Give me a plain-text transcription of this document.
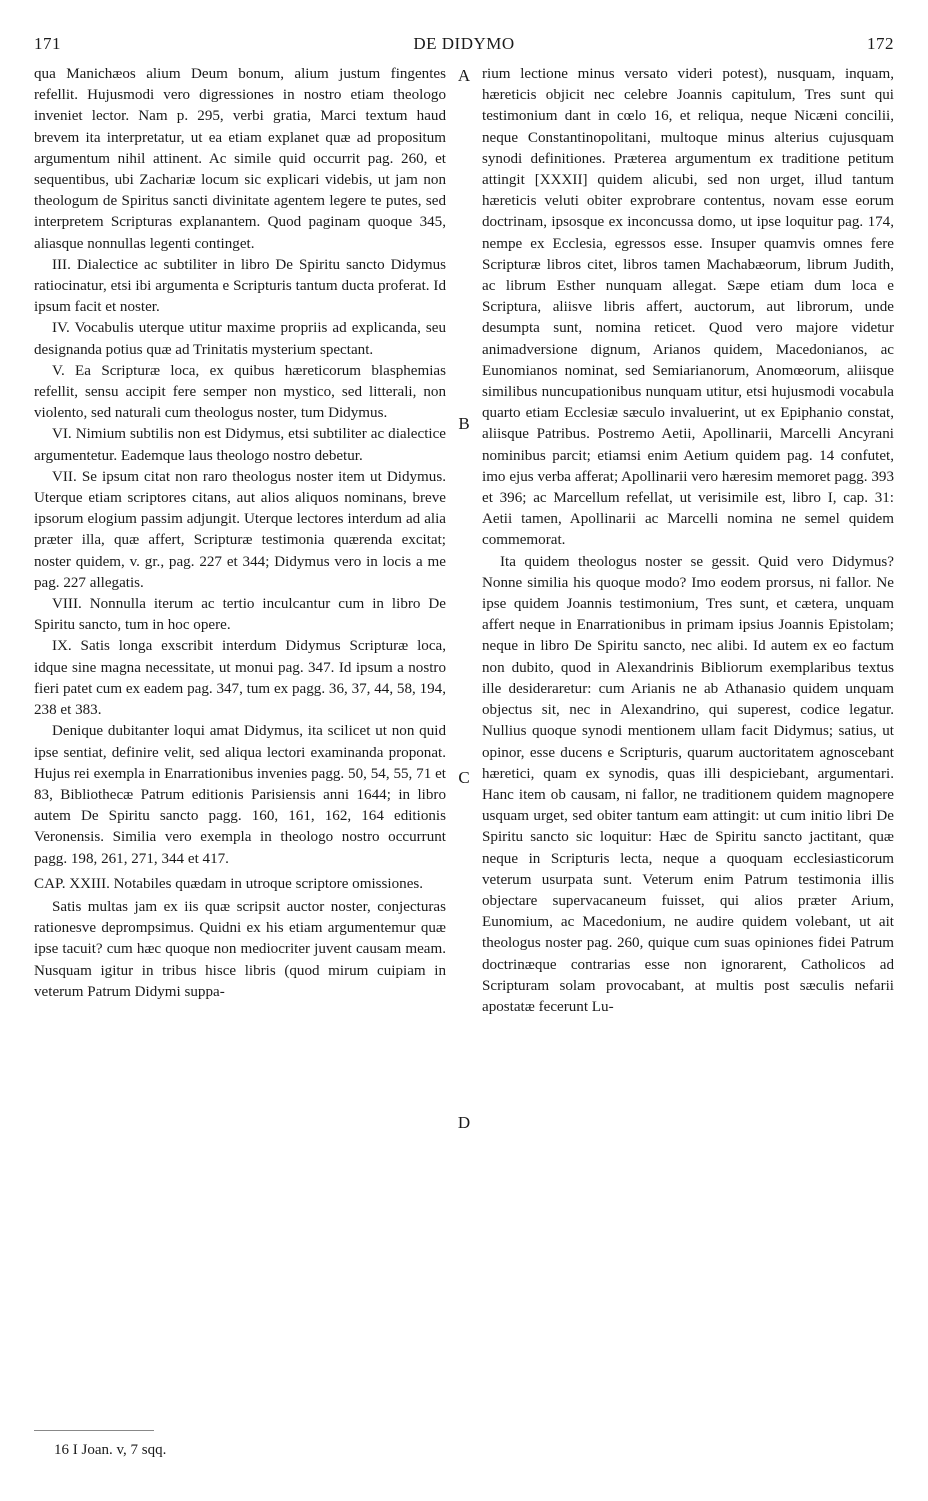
171	DE DIDYMO	172

qua Manichæos alium Deum bonum, alium justum fingentes refellit. Hujusmodi vero digressiones in nostro etiam theologo inveniet lector. Nam p. 295, verbi gratia, Marci textum haud brevem ita interpretatur, ut ea etiam explanet quæ ad propositum argumentum nihil attinent. Ac simile quid occurrit pag. 260, et sequentibus, ubi Zachariæ locum sic explicari videbis, ut jam non theologum de Spiritus sancti divinitate agentem legere te putes, sed interpretem Scripturas explanantem. Quod paginam quoque 345, aliasque nonnullas legenti continget.

III. Dialectice ac subtiliter in libro De Spiritu sancto Didymus ratiocinatur, etsi ibi argumenta e Scripturis tantum ducta proferat. Id ipsum facit et noster.

IV. Vocabulis uterque utitur maxime propriis ad explicanda, seu designanda potius quæ ad Trinitatis mysterium spectant.

V. Ea Scripturæ loca, ex quibus hæreticorum blasphemias refellit, sensu accipit fere semper non mystico, sed litterali, non violento, sed naturali cum theologus noster, tum Didymus.

VI. Nimium subtilis non est Didymus, etsi subtiliter ac dialectice argumentetur. Eademque laus theologo nostro debetur.

VII. Se ipsum citat non raro theologus noster item ut Didymus. Uterque etiam scriptores citans, aut alios aliquos nominans, breve ipsorum elogium passim adjungit. Uterque lectores interdum ad alia præter illa, quæ affert, Scripturæ testimonia quærenda excitat; noster quidem, v. gr., pag. 227 et 344; Didymus vero in locis a me pag. 227 allegatis.

VIII. Nonnulla iterum ac tertio inculcantur cum in libro De Spiritu sancto, tum in hoc opere.

IX. Satis longa exscribit interdum Didymus Scripturæ loca, idque sine magna necessitate, ut monui pag. 347. Id ipsum a nostro fieri patet cum ex eadem pag. 347, tum ex pagg. 36, 37, 44, 58, 194, 238 et 383.

Denique dubitanter loqui amat Didymus, ita scilicet ut non quid ipse sentiat, definire velit, sed aliqua lectori examinanda proponat. Hujus rei exempla in Enarrationibus invenies pagg. 50, 54, 55, 71 et 83, Bibliothecæ Patrum editionis Parisiensis anni 1644; in libro autem De Spiritu sancto pagg. 160, 161, 162, 164 editionis Veronensis. Similia vero exempla in theologo nostro occurrunt pagg. 198, 261, 271, 344 et 417.

CAP. XXIII. Notabiles quædam in utroque scriptore omissiones.

Satis multas jam ex iis quæ scripsit auctor noster, conjecturas rationesve deprompsimus. Quidni ex his etiam argumentemur quæ ipse tacuit? cum hæc quoque non mediocriter juvent causam meam. Nusquam igitur in tribus hisce libris (quod mirum cuipiam in veterum Patrum Didymi suppa-

rium lectione minus versato videri potest), nusquam, inquam, hæreticis objicit nec celebre Joannis capitulum, Tres sunt qui testimonium dant in cœlo 16, et reliqua, neque Nicæni concilii, neque Constantinopolitani, multoque minus alterius cujusquam synodi definitiones. Præterea argumentum ex traditione petitum attingit [XXXII] quidem alicubi, sed non urget, illud tantum hæreticis veluti obiter exprobrare contentus, novam esse eorum doctrinam, ipsosque ex inconcussa domo, ut ipse loquitur pag. 174, nempe ex Ecclesia, egressos esse. Insuper quamvis omnes fere Scripturæ libros citet, libros tamen Machabæorum, librum Judith, ac librum Esther nunquam allegat. Sæpe etiam dum loca e Scriptura, aliisve libris affert, auctorum, aut librorum, unde desumpta sunt, nomina reticet. Quod vero majore videtur animadversione dignum, Arianos quidem, Macedonianos, ac Eunomianos nominat, sed Semiarianorum, Anomœorum, aliisque similibus nuncupationibus nunquam utitur, etsi hujusmodi vocabula quarto etiam Ecclesiæ sæculo invaluerint, ut ex Epiphanio constat, aliisque Patribus. Postremo Aetii, Apollinarii, Marcelli Ancyrani nominibus parcit; etiamsi enim Aetium quidem pag. 14 confutet, imo ejus verba afferat; Apollinarii vero hæresim memoret pagg. 393 et 396; ac Marcellum refellat, ut verisimile est, libro I, cap. 31: Aetii tamen, Apollinarii ac Marcelli nomina ne semel quidem commemorat.

Ita quidem theologus noster se gessit. Quid vero Didymus? Nonne similia his quoque modo? Imo eodem prorsus, ni fallor. Ne ipse quidem Joannis testimonium, Tres sunt, et cætera, unquam affert neque in Enarrationibus in primam ipsius Joannis Epistolam; neque in libro De Spiritu sancto, nec alibi. Id autem ex eo factum non dubito, quod in Alexandrinis Bibliorum exemplaribus textus ille desideraretur: cum Arianis ne ab Athanasio quidem unquam objectus sit, nec in Alexandrino, qui superest, codice legatur. Nullius quoque synodi mentionem ullam facit Didymus; satius, ut opinor, esse ducens e Scripturis, quarum auctoritatem agnoscebant hæretici, quam ex synodis, quas illi despiciebant, argumentari. Hanc item ob causam, ni fallor, ne traditionem quidem magnopere usquam urget, sed obiter tantum eam attingit: ut cum initio libri De Spiritu sancto sic loquitur: Hæc de Spiritu sancto jactitant, quæ neque in Scripturis lecta, neque a quoquam ecclesiasticorum veterum usurpata sunt. Veterum enim Patrum testimonia illis objectare supervacaneum fuisset, qui alios præter Arium, Eunomium, ac Macedonium, ne audire quidem volebant, ut ait theologus noster pag. 260, quique cum suas opiniones fidei Patrum doctrinæque contrarias esse non ignorarent, Catholicos ad Scripturam solam provocabant, at multis post sæculis nefarii apostatæ fecerunt Lu-

A
B
C
D
16 I Joan. v, 7 sqq.
